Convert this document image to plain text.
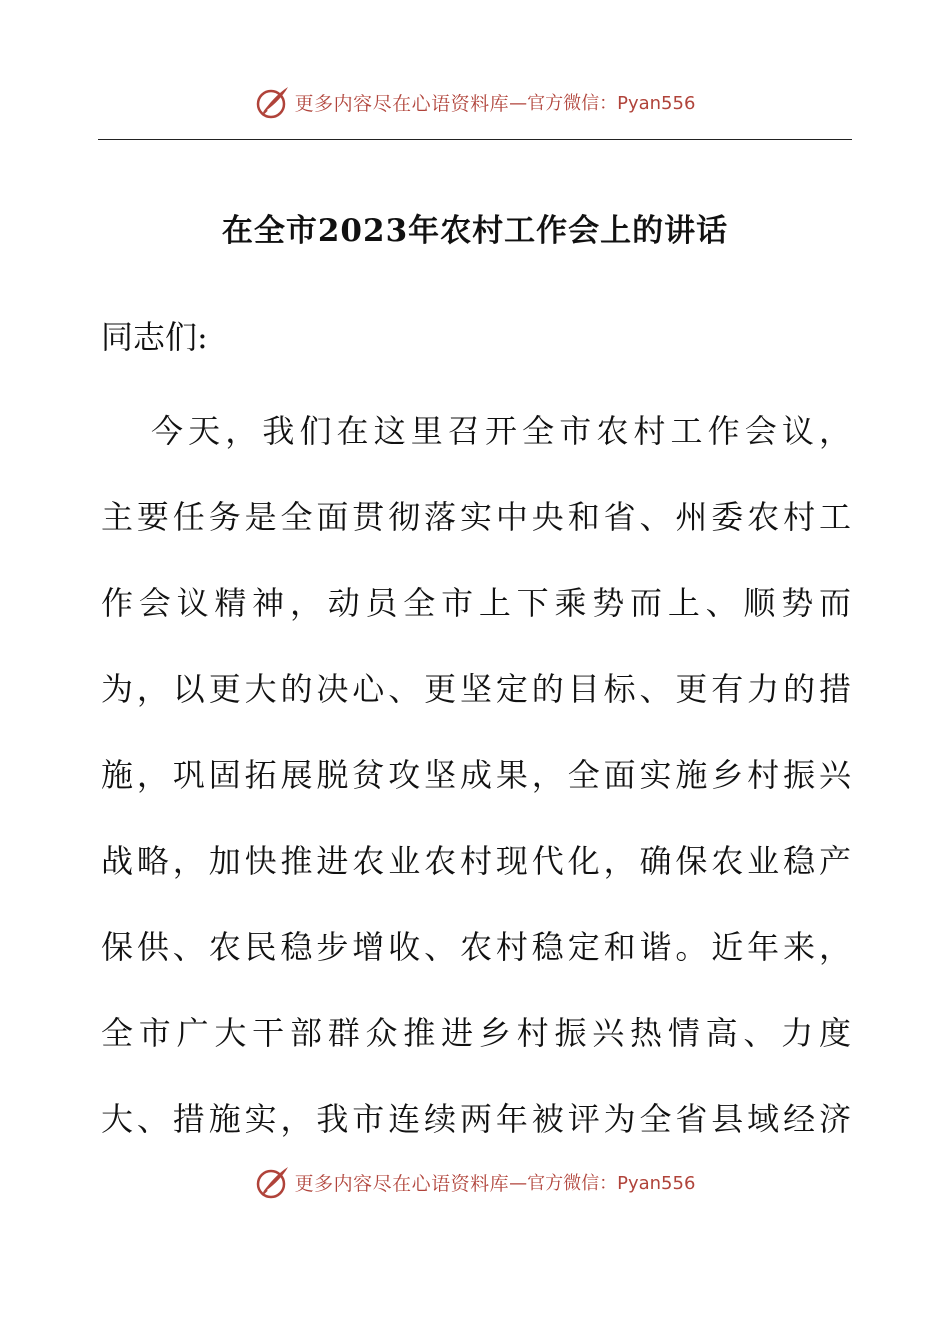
更多内容尽在心语资料库 —官方微信：Pyan556
在全市2023年农村工作会上的讲话
同志们:
今天，我们在这里召开全市农村工作会议，
主要任务是全面贯彻落实中央和省、州委农村工
作会议精神，动员全市上下乘势而上、顺势而
为，以更大的决心、更坚定的目标、更有力的措
施，巩固拓展脱贫攻坚成果，全面实施乡村振兴
战略，加快推进农业农村现代化，确保农业稳产
保供、农民稳步增收、农村稳定和谐。近年来，
全市广大干部群众推进乡村振兴热情高、力度
大、措施实，我市连续两年被评为全省县域经济
更多内容尽在心语资料库 —官方微信：Pyan556
